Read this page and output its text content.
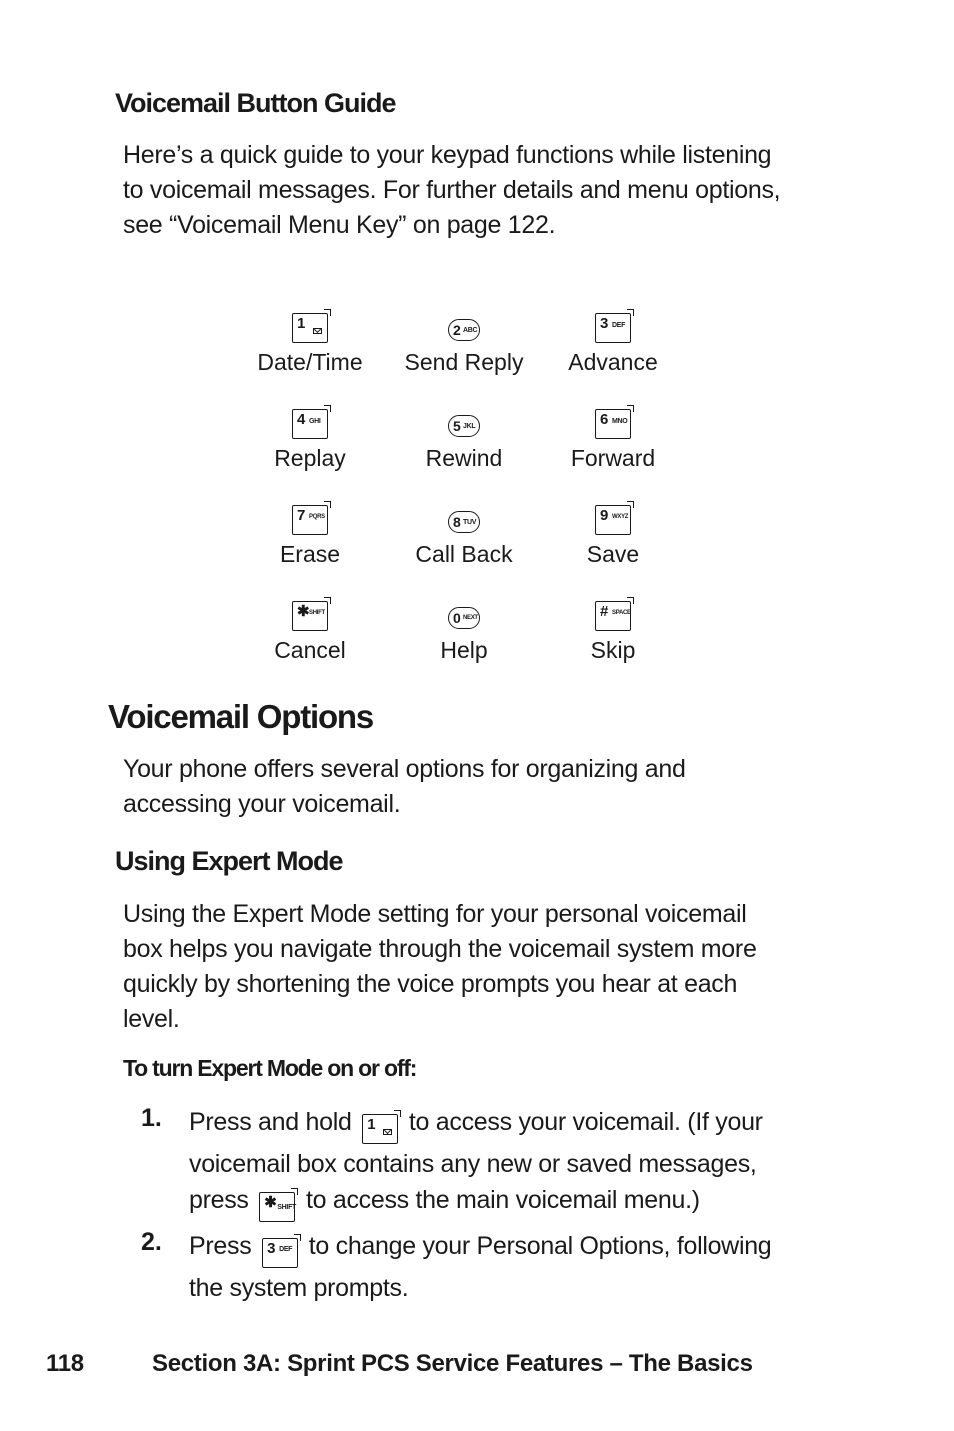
Voicemail Button Guide
Here’s a quick guide to your keypad functions while listening
to voicemail messages. For further details and menu options,
see “Voicemail Menu Key” on page 122.
1
Date/Time
2 ABC
Send Reply
3 DEF
Advance
4 GHI
Replay
5 JKL
Rewind
6 MNO
Forward
7 PQRS
Erase
8 TUV
Call Back
9 WXYZ
Save
✱ SHIFT
Cancel
0 NEXT
Help
# SPACE
Skip
Voicemail Options
Your phone offers several options for organizing and
accessing your voicemail.
Using Expert Mode
Using the Expert Mode setting for your personal voicemail
box helps you navigate through the voicemail system more
quickly by shortening the voice prompts you hear at each
level.
To turn Expert Mode on or off:
1. Press and hold 1 to access your voicemail. (If your
voicemail box contains any new or saved messages,
press ✱ SHIFT to access the main voicemail menu.)
2. Press 3 DEF to change your Personal Options, following
the system prompts.
118	Section 3A: Sprint PCS Service Features – The Basics
